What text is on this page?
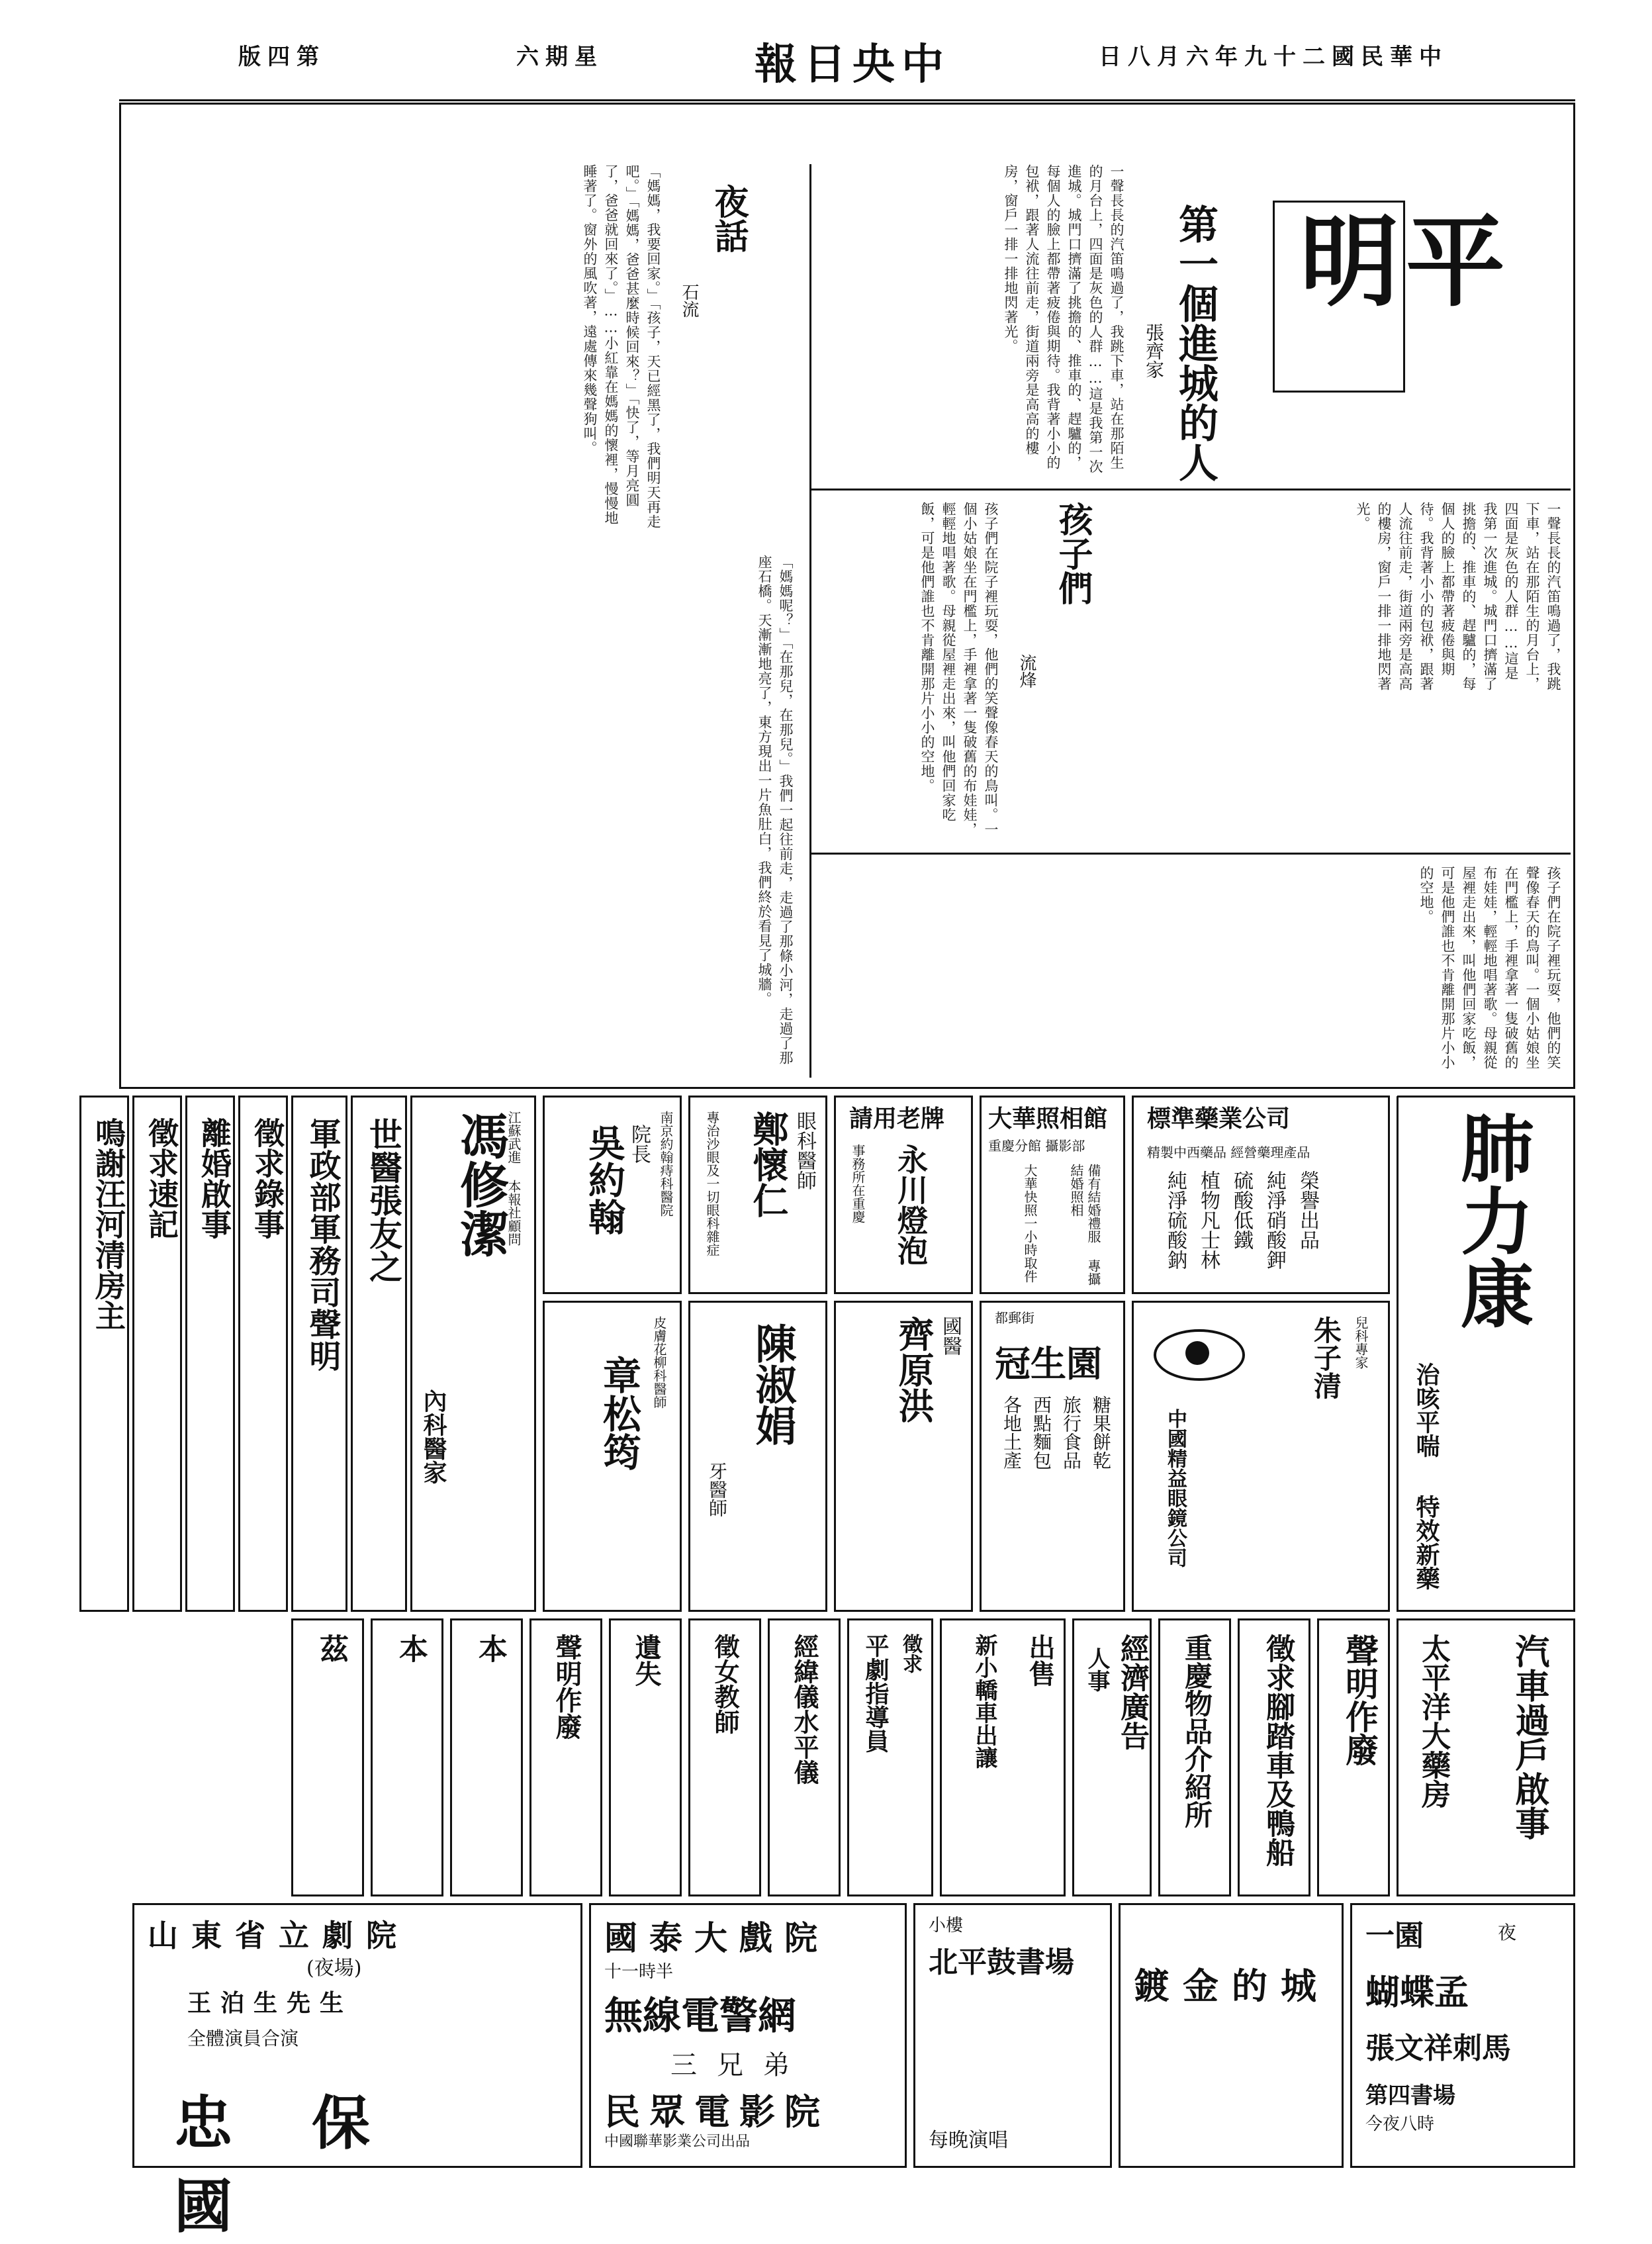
日八月六年九十二國民華中
報日央中
六期星
版四第
平明
第一個進城的人
張齊家
一聲長長的汽笛鳴過了，我跳下車，站在那陌生的月台上，四面是灰色的人群……這是我第一次進城。城門口擠滿了挑擔的、推車的、趕驢的，每個人的臉上都帶著疲倦與期待。我背著小小的包袱，跟著人流往前走，街道兩旁是高高的樓房，窗戶一排一排地閃著光。
一聲長長的汽笛鳴過了，我跳下車，站在那陌生的月台上，四面是灰色的人群……這是我第一次進城。城門口擠滿了挑擔的、推車的、趕驢的，每個人的臉上都帶著疲倦與期待。我背著小小的包袱，跟著人流往前走，街道兩旁是高高的樓房，窗戶一排一排地閃著光。
孩子們
流烽
孩子們在院子裡玩耍，他們的笑聲像春天的鳥叫。一個小姑娘坐在門檻上，手裡拿著一隻破舊的布娃娃，輕輕地唱著歌。母親從屋裡走出來，叫他們回家吃飯，可是他們誰也不肯離開那片小小的空地。
孩子們在院子裡玩耍，他們的笑聲像春天的鳥叫。一個小姑娘坐在門檻上，手裡拿著一隻破舊的布娃娃，輕輕地唱著歌。母親從屋裡走出來，叫他們回家吃飯，可是他們誰也不肯離開那片小小的空地。
夜話
石流
「媽媽，我要回家。」「孩子，天已經黑了，我們明天再走吧。」「媽媽，爸爸甚麼時候回來？」「快了，等月亮圓了，爸爸就回來了。」……小紅靠在媽媽的懷裡，慢慢地睡著了。窗外的風吹著，遠處傳來幾聲狗叫。
「媽媽呢？」「在那兒，在那兒。」我們一起往前走，走過了那條小河，走過了那座石橋。天漸漸地亮了，東方現出一片魚肚白，我們終於看見了城牆。
肺力康
治咳平喘
特效新藥
標準藥業公司
精製中西藥品 經營藥理產品
榮譽出品
純淨硝酸鉀
硫酸低鐵
植物凡士林
純淨硫酸鈉
大華照相館
重慶分館 攝影部
備有結婚禮服 專攝結婚照相
大華快照一小時取件
請用老牌
永川燈泡
事務所在重慶
眼科醫師
鄭懷仁
專治沙眼及一切眼科雜症
南京約翰痔科醫院
院長
吳約翰
江蘇武進 本報社顧問
馮修潔
內科醫家
世醫張友之
軍政部軍務司聲明
徵求錄事
離婚啟事
徵求速記
鳴謝汪河清房主
朱子清 兒科專家
中國精益眼鏡公司
都郵街
冠生園
糖果餅乾
旅行食品
西點麵包
各地土產
國醫
齊原洪
陳淑娟
牙醫師
皮膚花柳科醫師
章松筠
汽車過戶啟事
太平洋大藥房
聲明作廢
徵求腳踏車及鴨船
重慶物品介紹所
經濟廣告
人事
出售
新小轎車出讓
徵求
平劇指導員
經緯儀水平儀
徵女教師
遺失
聲明作廢
本
本
茲
山東省立劇院
(夜場)
王泊生先生
全體演員合演
忠保國
國泰大戲院
十一時半
無線電警網
三兄弟
民眾電影院
中國聯華影業公司出品
小樓
北平鼓書場
每晚演唱
鍍金的城
一園	夜
蝴蝶孟
張文祥刺馬
第四書場
今夜八時
